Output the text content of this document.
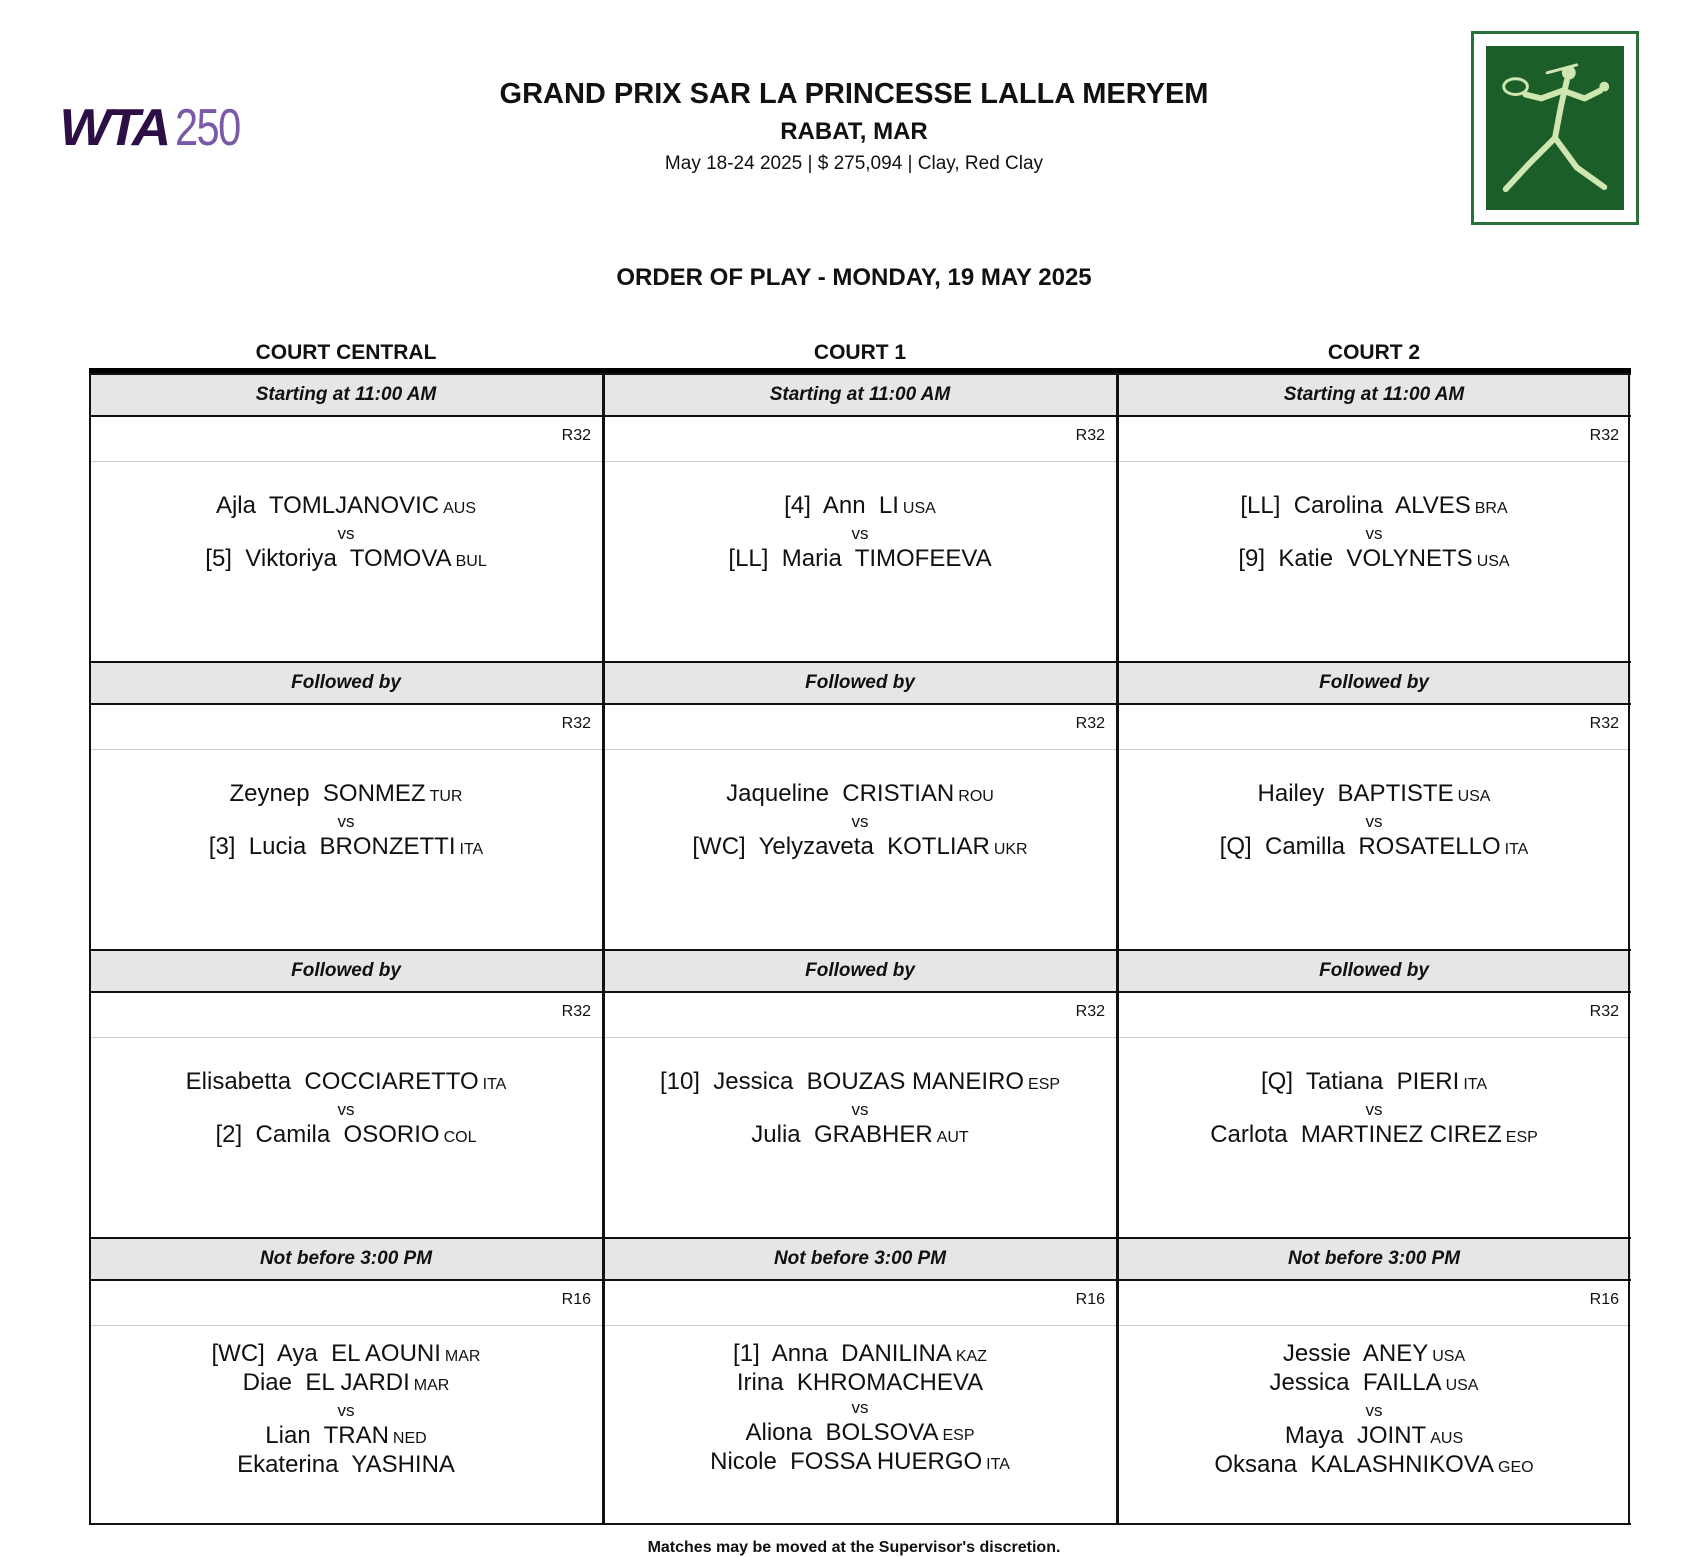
WTA 250
GRAND PRIX SAR LA PRINCESSE LALLA MERYEM
RABAT, MAR
May 18-24 2025 | $ 275,094 | Clay, Red Clay
ORDER OF PLAY - MONDAY, 19 MAY 2025
COURT CENTRAL	COURT 1	COURT 2
Starting at 11:00 AM
R32
Ajla  TOMLJANOVIC AUS
vs
[5]  Viktoriya  TOMOVA BUL
Followed by
R32
Zeynep  SONMEZ TUR
vs
[3]  Lucia  BRONZETTI ITA
Followed by
R32
Elisabetta  COCCIARETTO ITA
vs
[2]  Camila  OSORIO COL
Not before 3:00 PM
R16
[WC]  Aya  EL AOUNI MAR
Diae  EL JARDI MAR
vs
Lian  TRAN NED
Ekaterina  YASHINA
Starting at 11:00 AM
R32
[4]  Ann  LI USA
vs
[LL]  Maria  TIMOFEEVA
Followed by
R32
Jaqueline  CRISTIAN ROU
vs
[WC]  Yelyzaveta  KOTLIAR UKR
Followed by
R32
[10]  Jessica  BOUZAS MANEIRO ESP
vs
Julia  GRABHER AUT
Not before 3:00 PM
R16
[1]  Anna  DANILINA KAZ
Irina  KHROMACHEVA
vs
Aliona  BOLSOVA ESP
Nicole  FOSSA HUERGO ITA
Starting at 11:00 AM
R32
[LL]  Carolina  ALVES BRA
vs
[9]  Katie  VOLYNETS USA
Followed by
R32
Hailey  BAPTISTE USA
vs
[Q]  Camilla  ROSATELLO ITA
Followed by
R32
[Q]  Tatiana  PIERI ITA
vs
Carlota  MARTINEZ CIREZ ESP
Not before 3:00 PM
R16
Jessie  ANEY USA
Jessica  FAILLA USA
vs
Maya  JOINT AUS
Oksana  KALASHNIKOVA GEO
Matches may be moved at the Supervisor's discretion.
